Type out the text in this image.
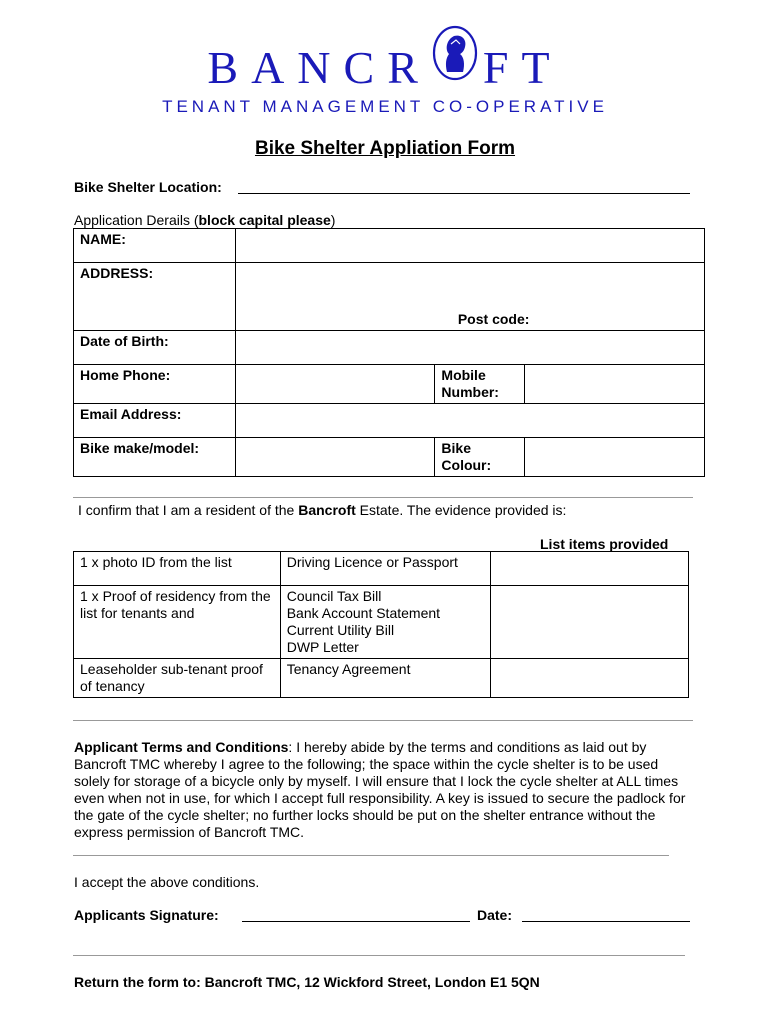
BANCR FT
TENANT MANAGEMENT CO-OPERATIVE
Bike Shelter Appliation Form
Bike Shelter Location:
Application Derails (block capital please)
NAME:			
ADDRESS:	Post code:		

Date of Birth:			
Home Phone:		Mobile Number:	
Email Address:			
Bike make/model:		Bike Colour:	
I confirm that I am a resident of the Bancroft Estate. The evidence provided is:
List items provided
1 x photo ID from the list	Driving Licence or Passport	

1 x Proof of residency from the list for tenants and	Council Tax Bill
Bank Account Statement
Current Utility Bill
DWP Letter	

Leaseholder sub-tenant proof of tenancy	Tenancy Agreement	

Applicant Terms and Conditions: I hereby abide by the terms and conditions as laid out by Bancroft TMC whereby I agree to the following; the space within the cycle shelter is to be used solely for storage of a bicycle only by myself. I will ensure that I lock the cycle shelter at ALL times even when not in use, for which I accept full responsibility. A key is issued to secure the padlock for the gate of the cycle shelter; no further locks should be put on the shelter entrance without the express permission of Bancroft TMC.
I accept the above conditions.
Applicants Signature:	Date:
Return the form to: Bancroft TMC, 12 Wickford Street, London E1 5QN
